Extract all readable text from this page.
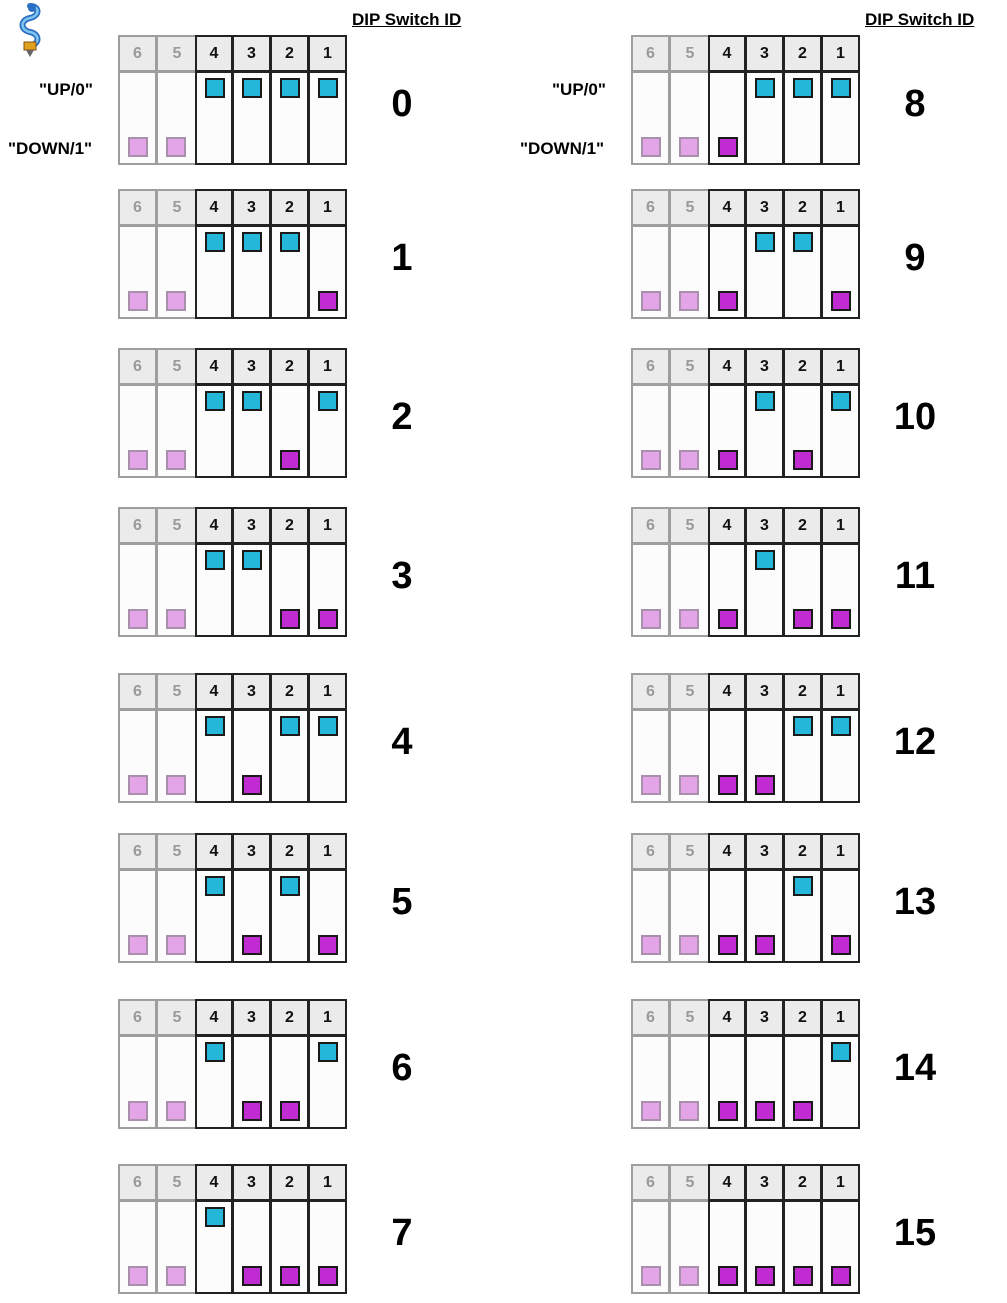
DIP Switch ID	DIP Switch ID
"UP/0"
"DOWN/1"
"UP/0"
"DOWN/1"
6	5	4	3	2	1
0
6	5	4	3	2	1
1
6	5	4	3	2	1
2
6	5	4	3	2	1
3
6	5	4	3	2	1
4
6	5	4	3	2	1
5
6	5	4	3	2	1
6
6	5	4	3	2	1
7
6	5	4	3	2	1
8
6	5	4	3	2	1
9
6	5	4	3	2	1
10
6	5	4	3	2	1
11
6	5	4	3	2	1
12
6	5	4	3	2	1
13
6	5	4	3	2	1
14
6	5	4	3	2	1
15
